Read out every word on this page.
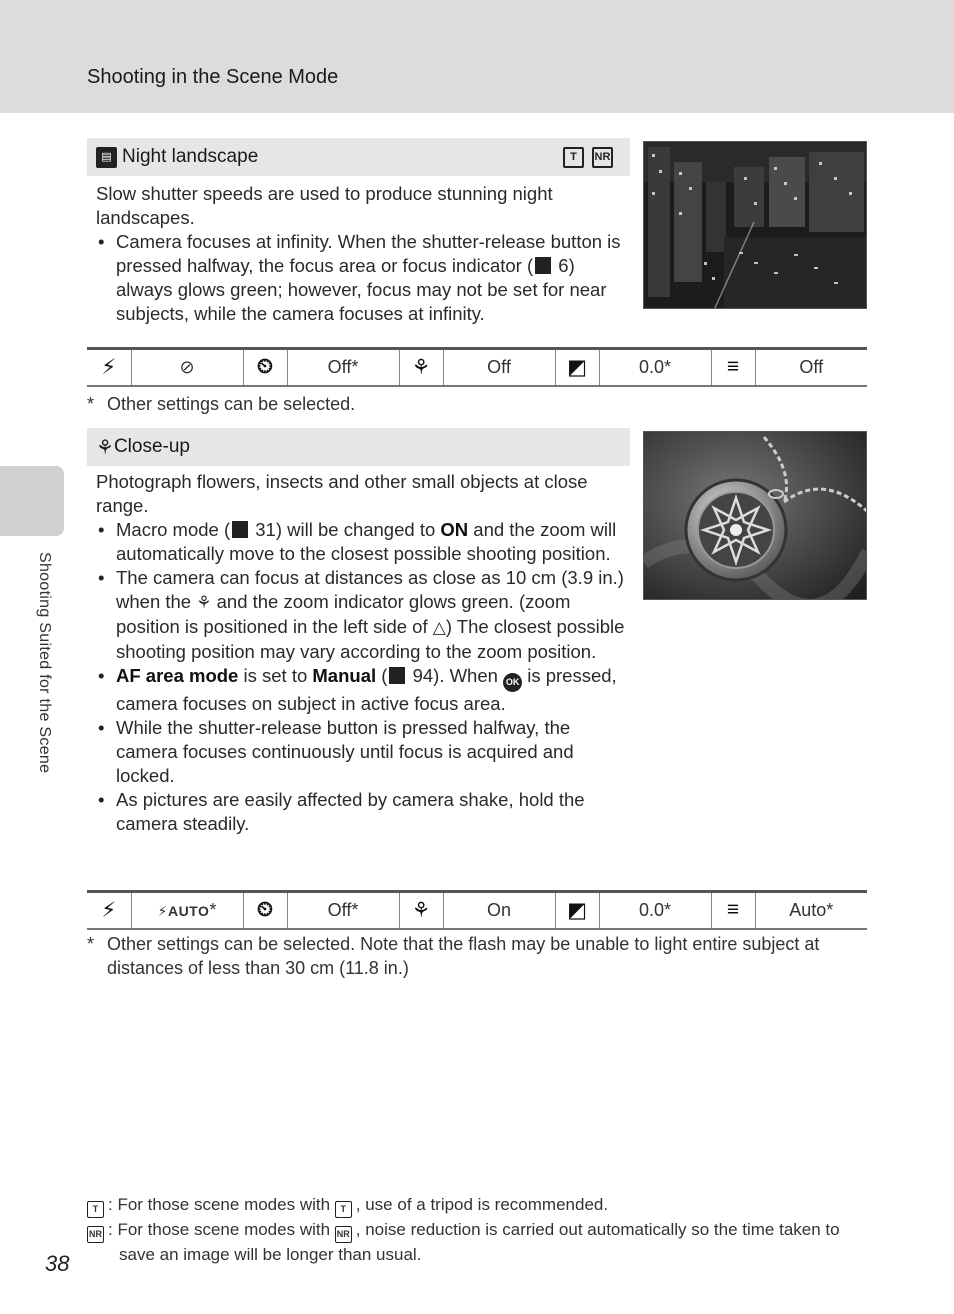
Shooting in the Scene Mode
Shooting Suited for the Scene
▤ Night landscape	T	NR

Slow shutter speeds are used to produce stunning night landscapes.

• Camera focuses at infinity. When the shutter-release button is pressed halfway, the focus area or focus indicator ( 6) always glows green; however, focus may not be set for near subjects, while the camera focuses at infinity.
⚡	⊘	⏲	Off*	⚘	Off	◩	0.0*	≡	Off
* Other settings can be selected.
⚘ Close-up

Photograph flowers, insects and other small objects at close range.

• Macro mode ( 31) will be changed to ON and the zoom will automatically move to the closest possible shooting position.
• The camera can focus at distances as close as 10 cm (3.9 in.) when the ⚘ and the zoom indicator glows green. (zoom position is positioned in the left side of △) The closest possible shooting position may vary according to the zoom position.
• AF area mode is set to Manual ( 94). When OK is pressed, camera focuses on subject in active focus area.
• While the shutter-release button is pressed halfway, the camera focuses continuously until focus is acquired and locked.
• As pictures are easily affected by camera shake, hold the camera steadily.
⚡	⚡AUTO*	⏲	Off*	⚘	On	◩	0.0*	≡	Auto*
* Other settings can be selected. Note that the flash may be unable to light entire subject at
distances of less than 30 cm (11.8 in.)
T : For those scene modes with T , use of a tripod is recommended.
NR : For those scene modes with NR , noise reduction is carried out automatically so the time taken to
save an image will be longer than usual.
38
